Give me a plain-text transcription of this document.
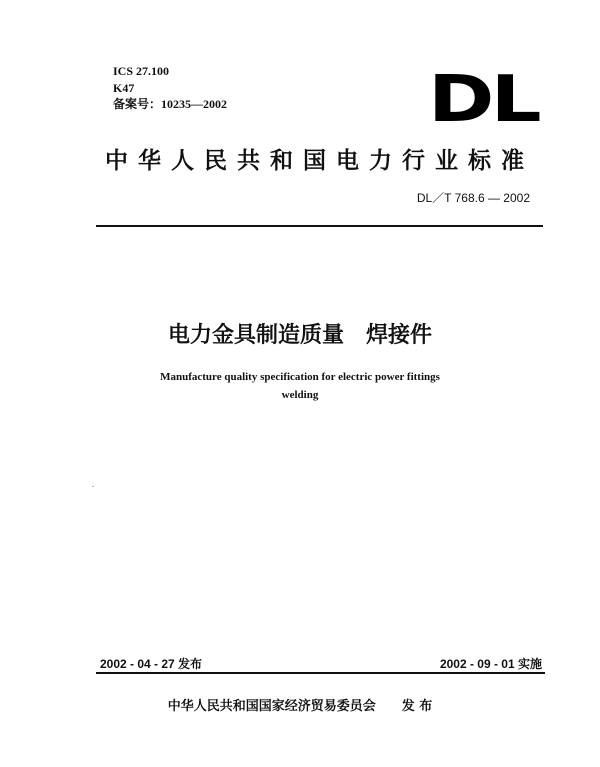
ICS 27.100
K47
备案号：10235—2002	DL
中华人民共和国电力行业标准
DL／T 768.6 — 2002
电力金具制造质量　焊接件
Manufacture quality specification for electric power fittings
welding
2002 - 04 - 27 发布	2002 - 09 - 01 实施
中华人民共和国国家经济贸易委员会　　发 布
